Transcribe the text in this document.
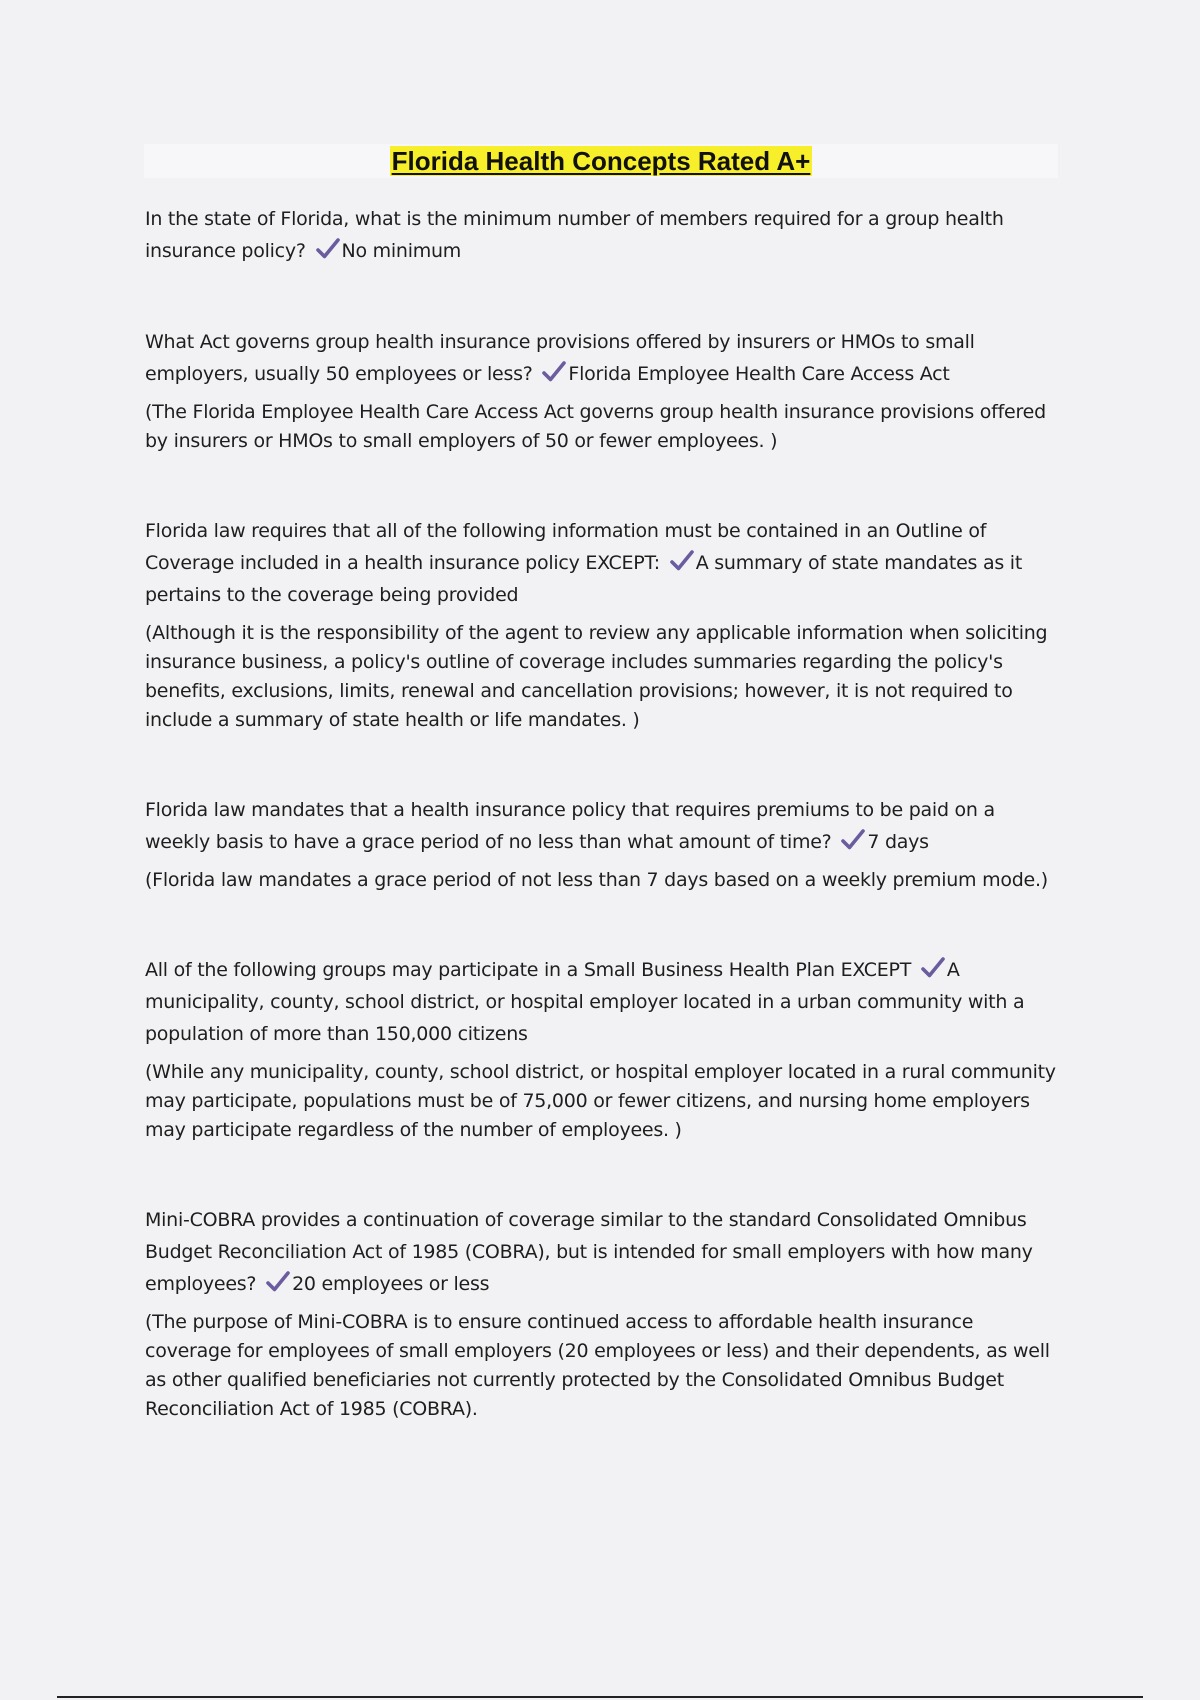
Florida Health Concepts Rated A+

In the state of Florida, what is the minimum number of members required for a group health insurance policy? No minimum

What Act governs group health insurance provisions offered by insurers or HMOs to small employers, usually 50 employees or less? Florida Employee Health Care Access Act

(The Florida Employee Health Care Access Act governs group health insurance provisions offered by insurers or HMOs to small employers of 50 or fewer employees. )

Florida law requires that all of the following information must be contained in an Outline of Coverage included in a health insurance policy EXCEPT: A summary of state mandates as it pertains to the coverage being provided

(Although it is the responsibility of the agent to review any applicable information when soliciting insurance business, a policy's outline of coverage includes summaries regarding the policy's benefits, exclusions, limits, renewal and cancellation provisions; however, it is not required to include a summary of state health or life mandates. )

Florida law mandates that a health insurance policy that requires premiums to be paid on a weekly basis to have a grace period of no less than what amount of time? 7 days

(Florida law mandates a grace period of not less than 7 days based on a weekly premium mode.)

All of the following groups may participate in a Small Business Health Plan EXCEPT A municipality, county, school district, or hospital employer located in a urban community with a population of more than 150,000 citizens

(While any municipality, county, school district, or hospital employer located in a rural community may participate, populations must be of 75,000 or fewer citizens, and nursing home employers may participate regardless of the number of employees. )

Mini-COBRA provides a continuation of coverage similar to the standard Consolidated Omnibus Budget Reconciliation Act of 1985 (COBRA), but is intended for small employers with how many employees? 20 employees or less

(The purpose of Mini-COBRA is to ensure continued access to affordable health insurance coverage for employees of small employers (20 employees or less) and their dependents, as well as other qualified beneficiaries not currently protected by the Consolidated Omnibus Budget Reconciliation Act of 1985 (COBRA).
